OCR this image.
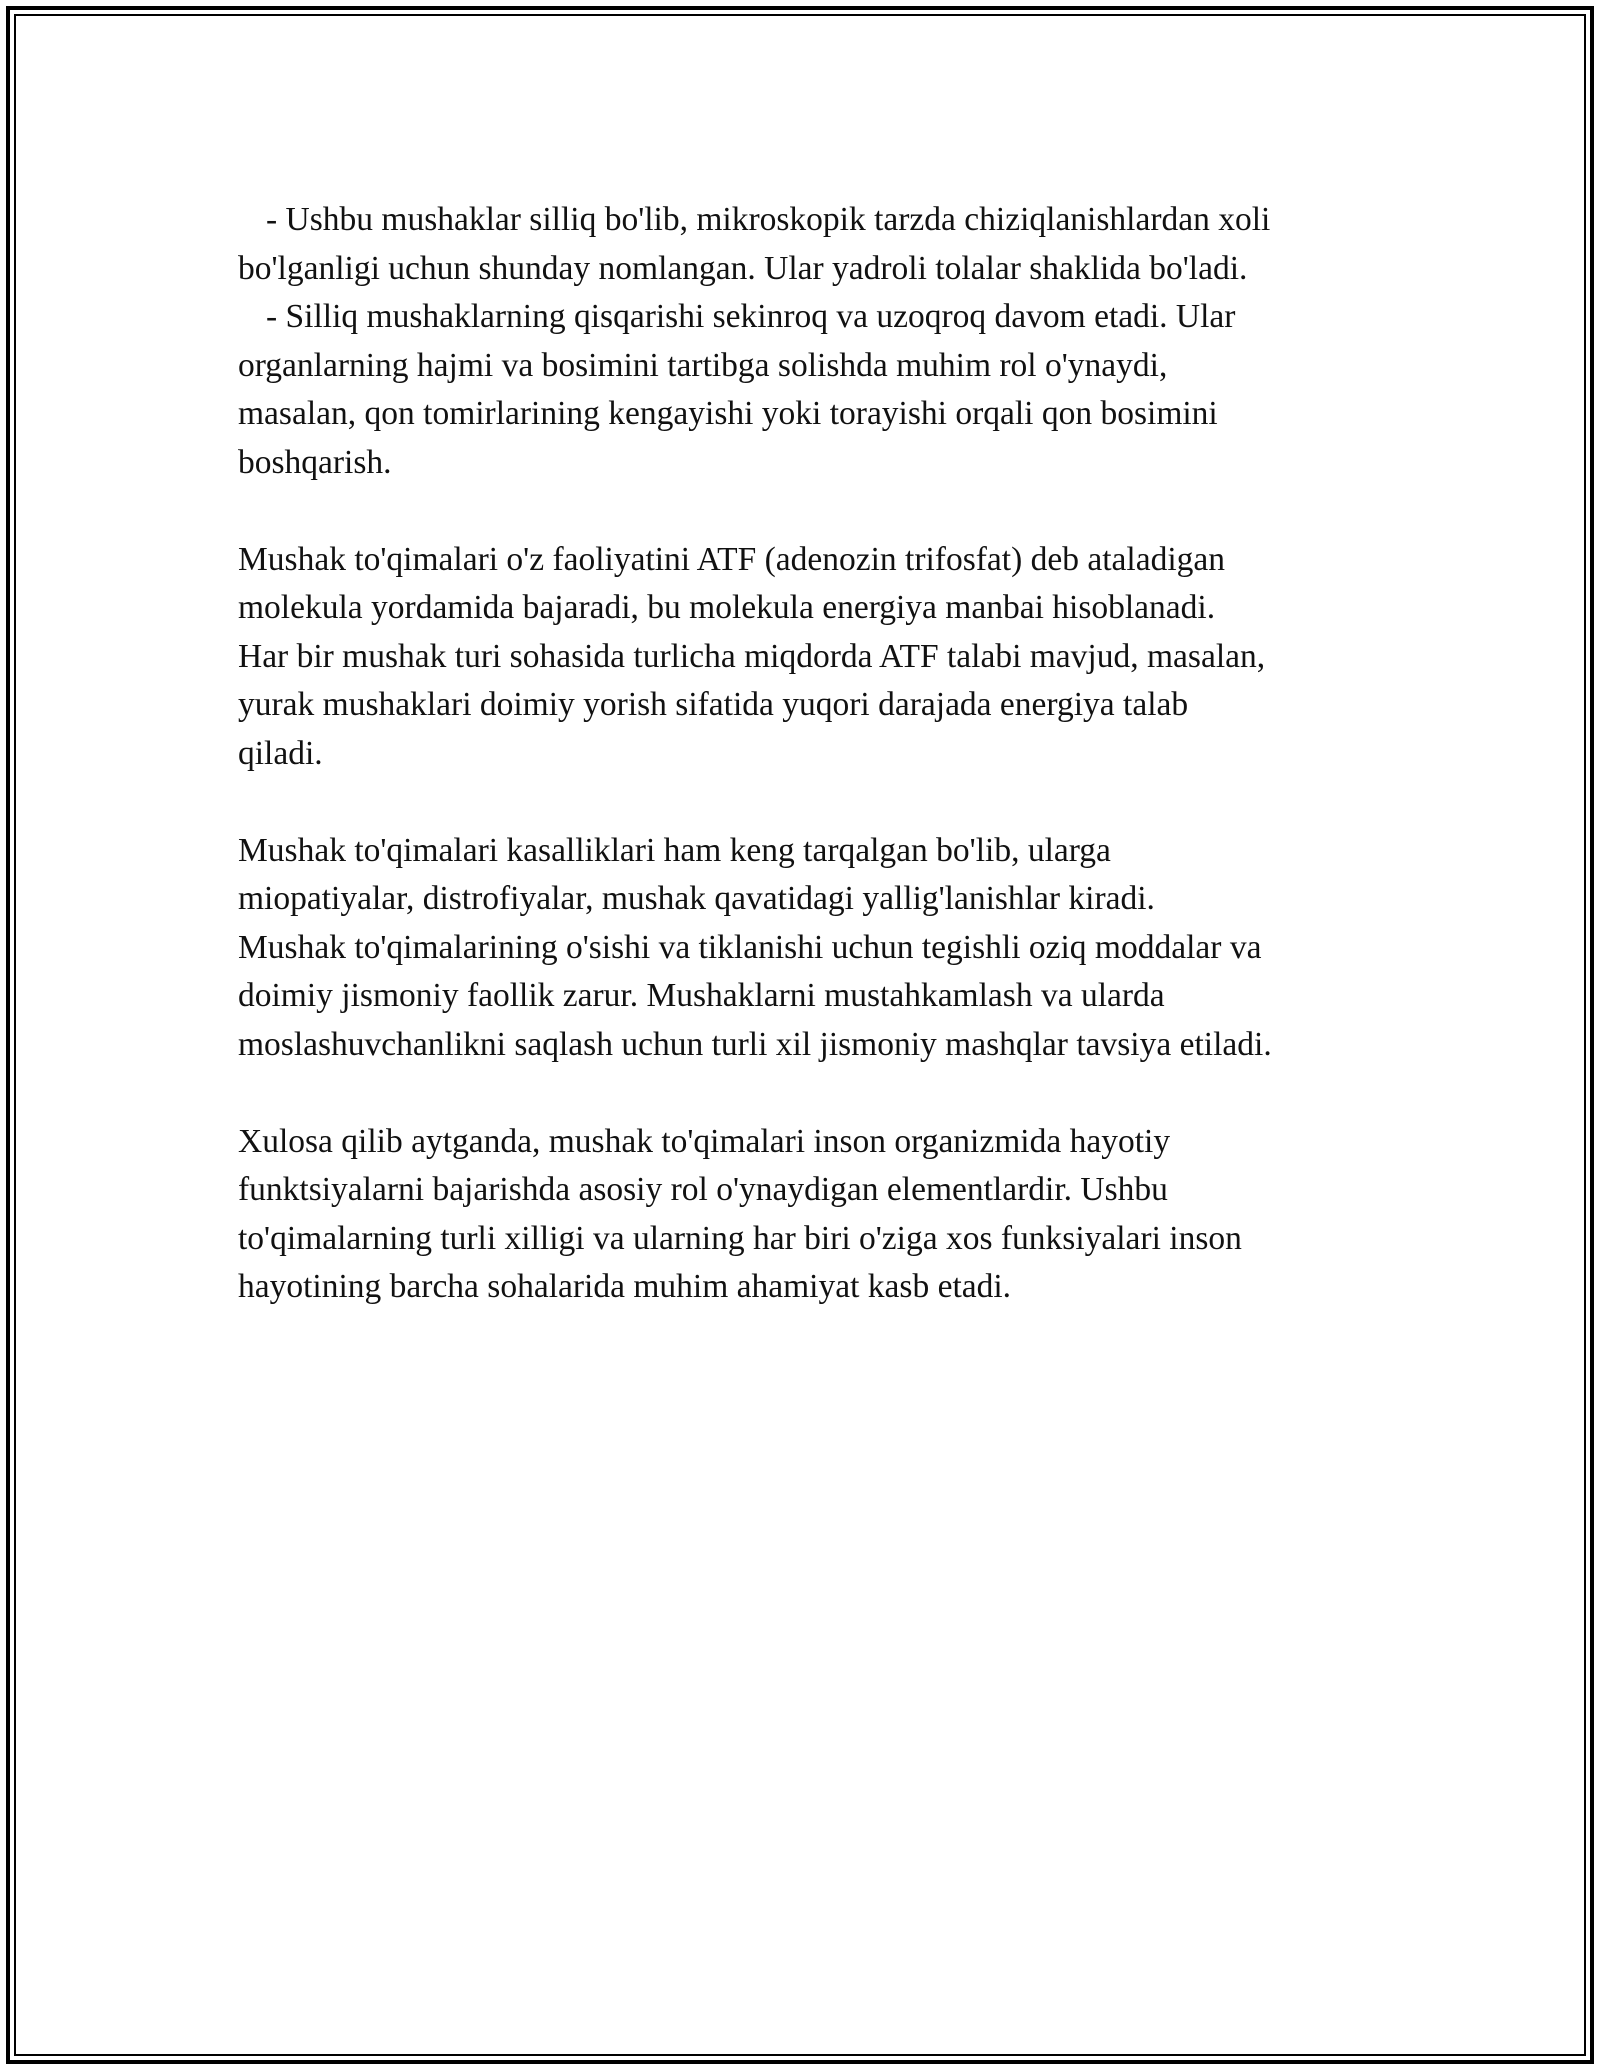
- Ushbu mushaklar silliq bo'lib, mikroskopik tarzda chiziqlanishlardan xoli
bo'lganligi uchun shunday nomlangan. Ular yadroli tolalar shaklida bo'ladi.
- Silliq mushaklarning qisqarishi sekinroq va uzoqroq davom etadi. Ular
organlarning hajmi va bosimini tartibga solishda muhim rol o'ynaydi,
masalan, qon tomirlarining kengayishi yoki torayishi orqali qon bosimini
boshqarish.
Mushak to'qimalari o'z faoliyatini ATF (adenozin trifosfat) deb ataladigan
molekula yordamida bajaradi, bu molekula energiya manbai hisoblanadi.
Har bir mushak turi sohasida turlicha miqdorda ATF talabi mavjud, masalan,
yurak mushaklari doimiy yorish sifatida yuqori darajada energiya talab
qiladi.
Mushak to'qimalari kasalliklari ham keng tarqalgan bo'lib, ularga
miopatiyalar, distrofiyalar, mushak qavatidagi yallig'lanishlar kiradi.
Mushak to'qimalarining o'sishi va tiklanishi uchun tegishli oziq moddalar va
doimiy jismoniy faollik zarur. Mushaklarni mustahkamlash va ularda
moslashuvchanlikni saqlash uchun turli xil jismoniy mashqlar tavsiya etiladi.
Xulosa qilib aytganda, mushak to'qimalari inson organizmida hayotiy
funktsiyalarni bajarishda asosiy rol o'ynaydigan elementlardir. Ushbu
to'qimalarning turli xilligi va ularning har biri o'ziga xos funksiyalari inson
hayotining barcha sohalarida muhim ahamiyat kasb etadi.
